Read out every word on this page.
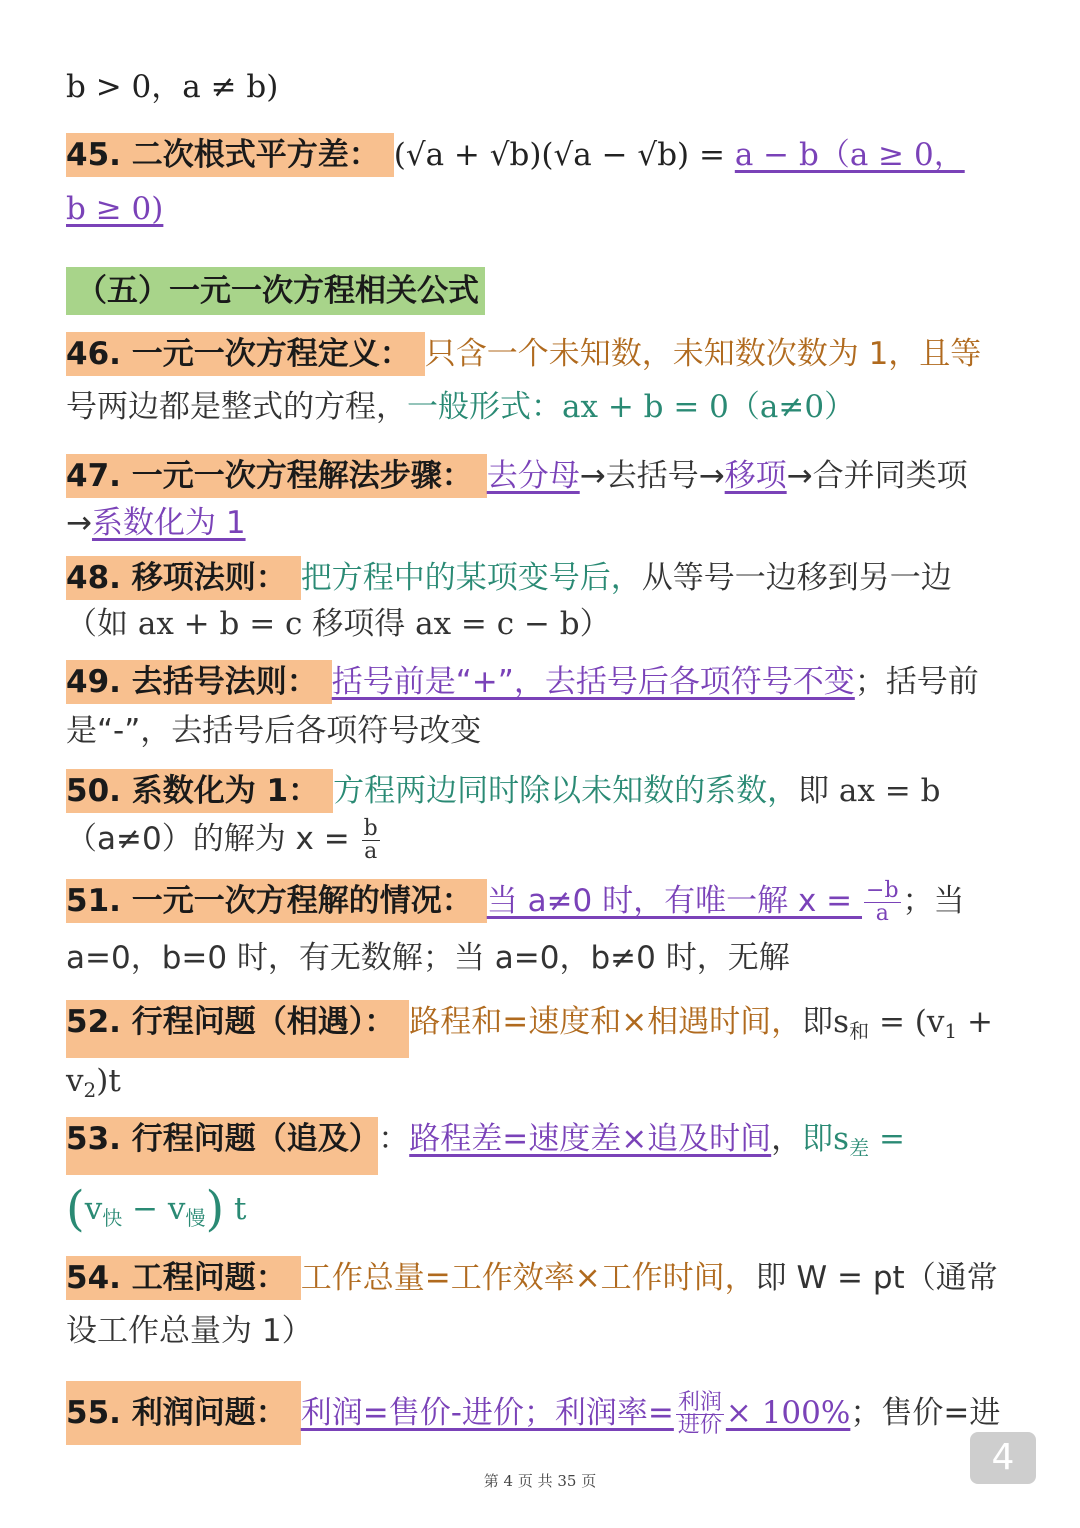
b > 0，a ≠ b)
45. 二次根式平方差： (√a + √b)(√a − √b) = a − b（a ≥ 0，
b ≥ 0)
（五）一元一次方程相关公式
46. 一元一次方程定义： 只含一个未知数，未知数次数为 1，且等
号两边都是整式的方程，一般形式：ax + b = 0（a≠0）
47. 一元一次方程解法步骤： 去分母→去括号→移项→合并同类项
→系数化为 1
48. 移项法则： 把方程中的某项变号后，从等号一边移到另一边
（如 ax + b = c 移项得 ax = c − b）
49. 去括号法则： 括号前是“+”，去括号后各项符号不变；括号前
是“-”，去括号后各项符号改变
50. 系数化为 1： 方程两边同时除以未知数的系数，即 ax = b
（a≠0）的解为 $x = \frac{b}{a}$
51. 一元一次方程解的情况： 当 a≠0 时，有唯一解 $x = \frac{-b}{a}$ ；当
a=0，b=0 时，有无数解；当 a=0，b≠0 时，无解
52. 行程问题（相遇）： 路程和=速度和×相遇时间，即$s_和 = (v_1$ +
$v_2)t$
53. 行程问题（追及） ：路程差=速度差×追及时间，即$s_差$ =
$(v_快 - v_慢)$ t
54. 工程问题： 工作总量=工作效率×工作时间，即 W = pt（通常
设工作总量为 1）
55. 利润问题： 利润=售价-进价；利润率= $\frac{\text{利润}}{\text{进价}} \times 100\%$；售价=进
第 4 页 共 35 页
4
